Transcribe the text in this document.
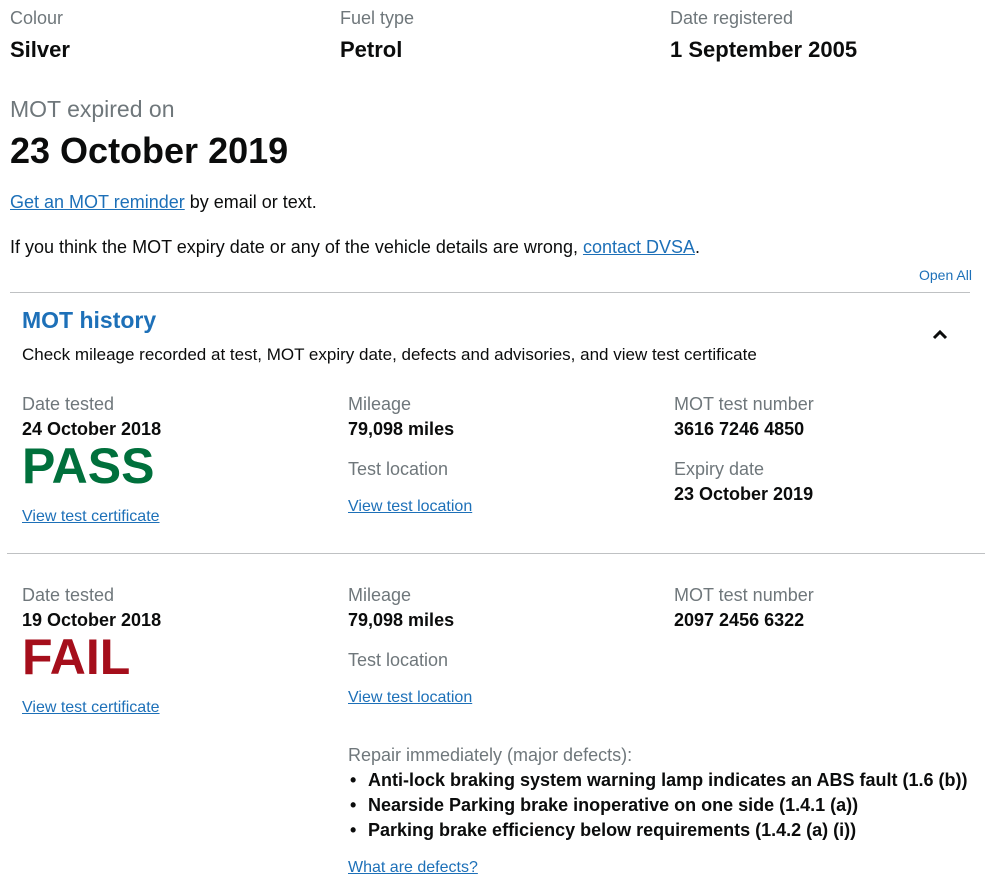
Colour
Silver
Fuel type
Petrol
Date registered
1 September 2005
MOT expired on
23 October 2019
Get an MOT reminder by email or text.
If you think the MOT expiry date or any of the vehicle details are wrong, contact DVSA.
Open All
MOT history
Check mileage recorded at test, MOT expiry date, defects and advisories, and view test certificate
Date tested
24 October 2018
PASS
View test certificate
Mileage
79,098 miles
Test location
View test location
MOT test number
3616 7246 4850
Expiry date
23 October 2019
Date tested
19 October 2018
FAIL
View test certificate
Mileage
79,098 miles
Test location
View test location
MOT test number
2097 2456 6322
Repair immediately (major defects):
• Anti-lock braking system warning lamp indicates an ABS fault (1.6 (b))
• Nearside Parking brake inoperative on one side (1.4.1 (a))
• Parking brake efficiency below requirements (1.4.2 (a) (i))
What are defects?
